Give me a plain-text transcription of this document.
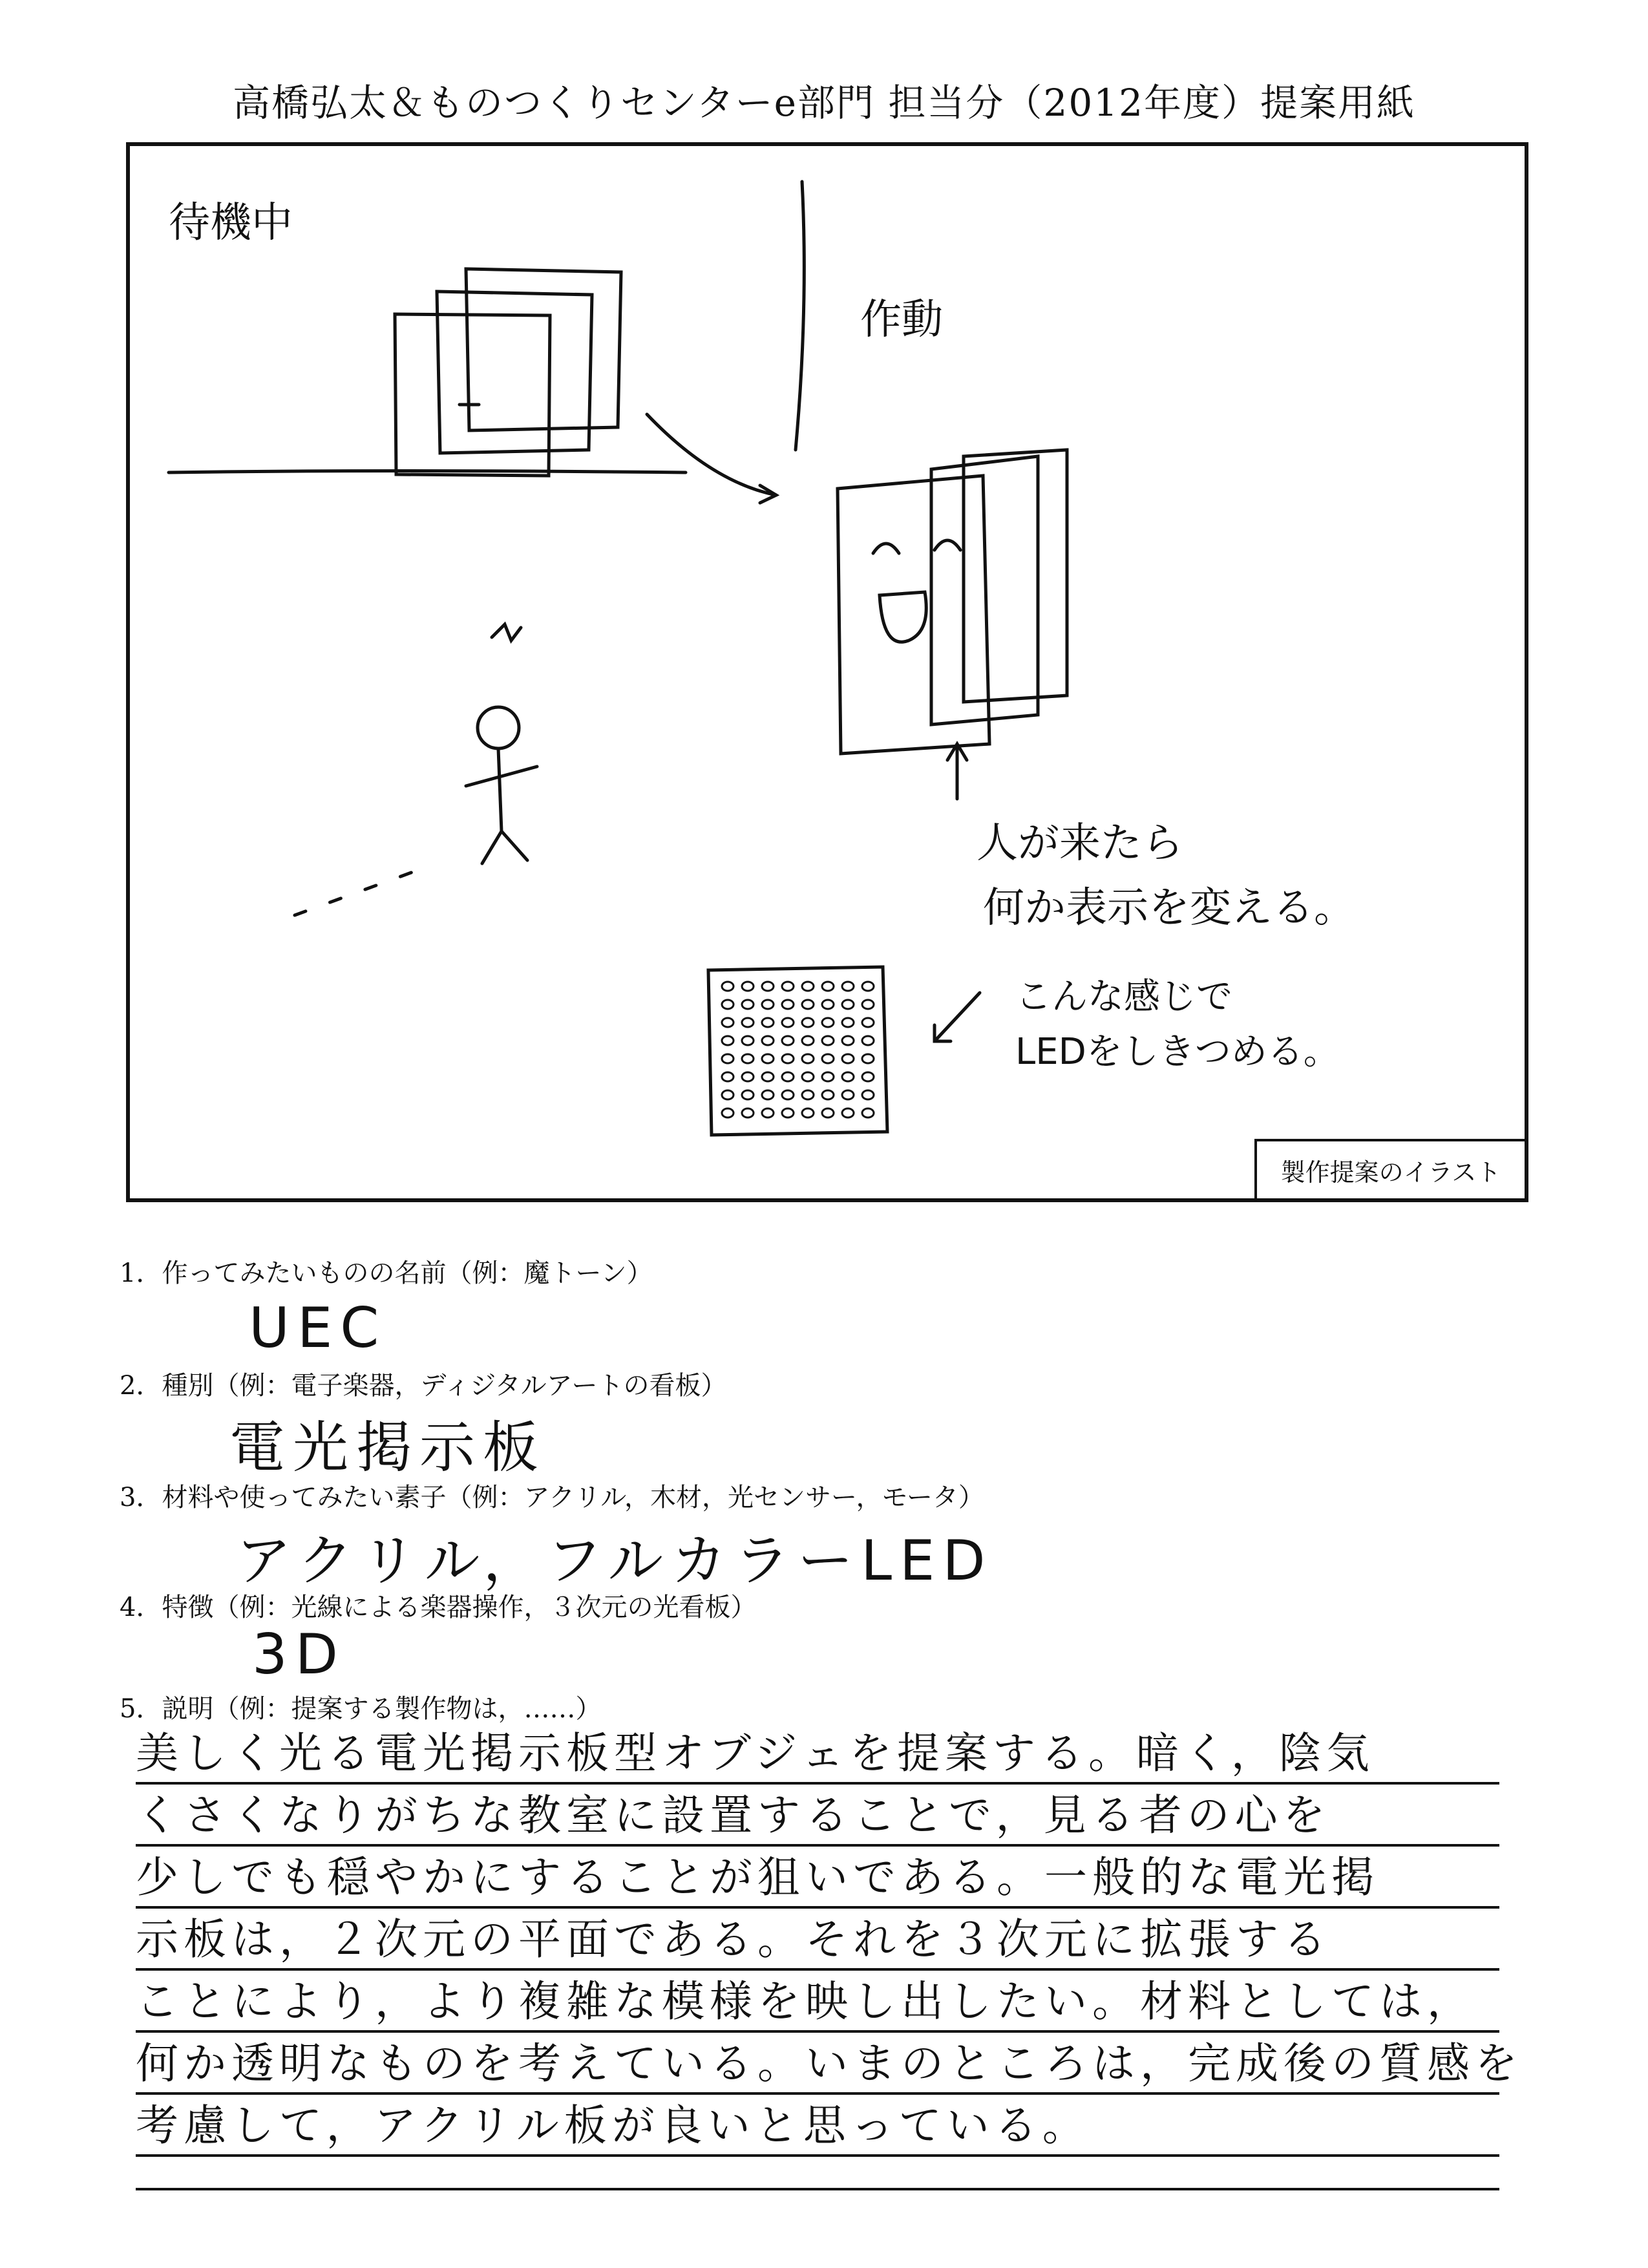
高橋弘太＆ものつくりセンターe部門 担当分（2012年度）提案用紙
待機中
作動
人が来たら
何か表示を変える。
こんな感じで
LEDをしきつめる。
製作提案のイラスト
1．作ってみたいものの名前（例：魔トーン）
UEC
2．種別（例：電子楽器，ディジタルアートの看板）
電光掲示板
3．材料や使ってみたい素子（例：アクリル，木材，光センサー，モータ）
アクリル，フルカラーLED
4．特徴（例：光線による楽器操作，３次元の光看板）
3D
5．説明（例：提案する製作物は，……）
美しく光る電光掲示板型オブジェを提案する。暗く，陰気
くさくなりがちな教室に設置することで，見る者の心を
少しでも穏やかにすることが狙いである。一般的な電光掲
示板は，２次元の平面である。それを３次元に拡張する
ことにより，より複雑な模様を映し出したい。材料としては，
何か透明なものを考えている。いまのところは，完成後の質感を
考慮して，アクリル板が良いと思っている。
